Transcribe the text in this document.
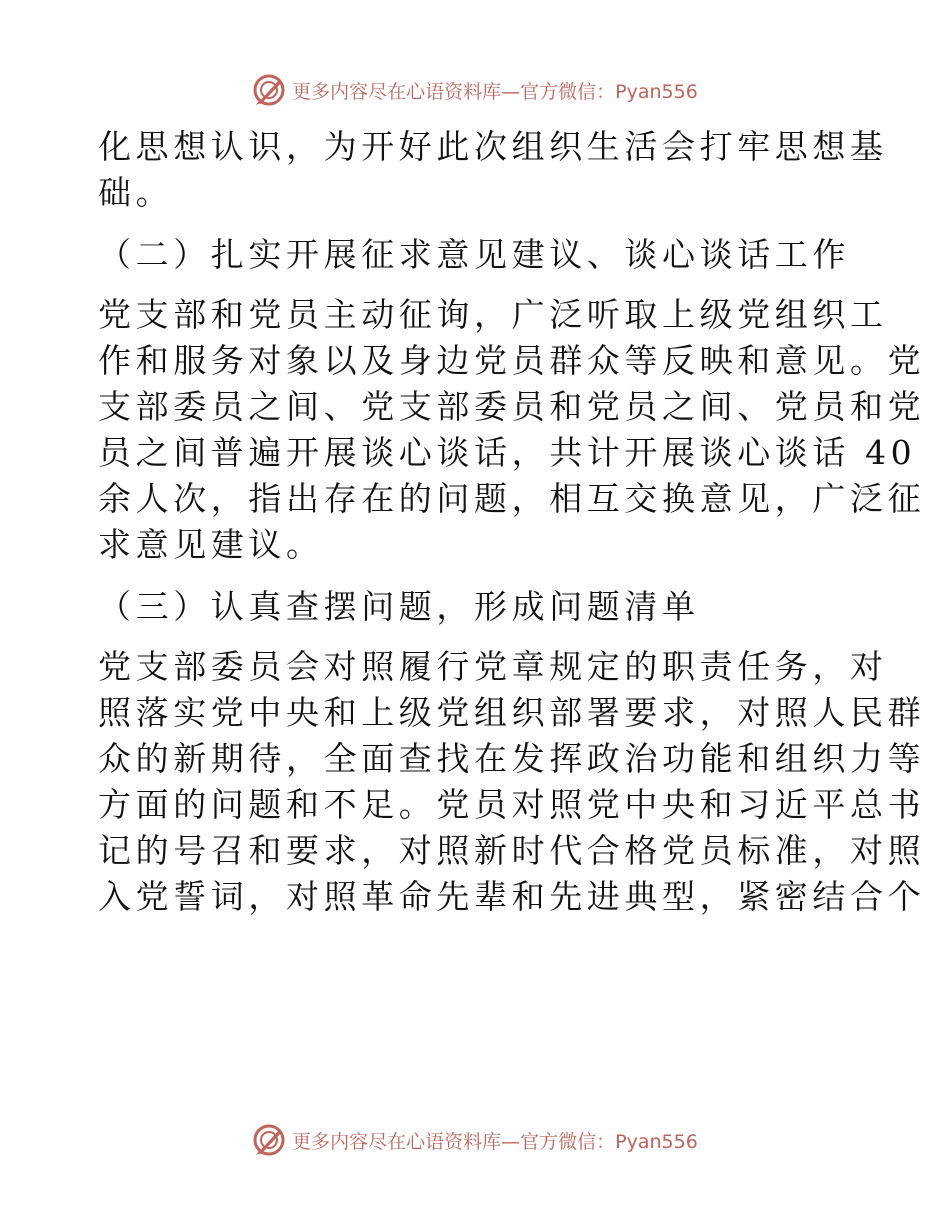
更多内容尽在心语资料库—官方微信：Pyan556
化思想认识，为开好此次组织生活会打牢思想基
础。
（二）扎实开展征求意见建议、谈心谈话工作
党支部和党员主动征询，广泛听取上级党组织工
作和服务对象以及身边党员群众等反映和意见。党
支部委员之间、党支部委员和党员之间、党员和党
员之间普遍开展谈心谈话，共计开展谈心谈话 40
余人次，指出存在的问题，相互交换意见，广泛征
求意见建议。
（三）认真查摆问题，形成问题清单
党支部委员会对照履行党章规定的职责任务，对
照落实党中央和上级党组织部署要求，对照人民群
众的新期待，全面查找在发挥政治功能和组织力等
方面的问题和不足。党员对照党中央和习近平总书
记的号召和要求，对照新时代合格党员标准，对照
入党誓词，对照革命先辈和先进典型，紧密结合个
更多内容尽在心语资料库—官方微信：Pyan556
